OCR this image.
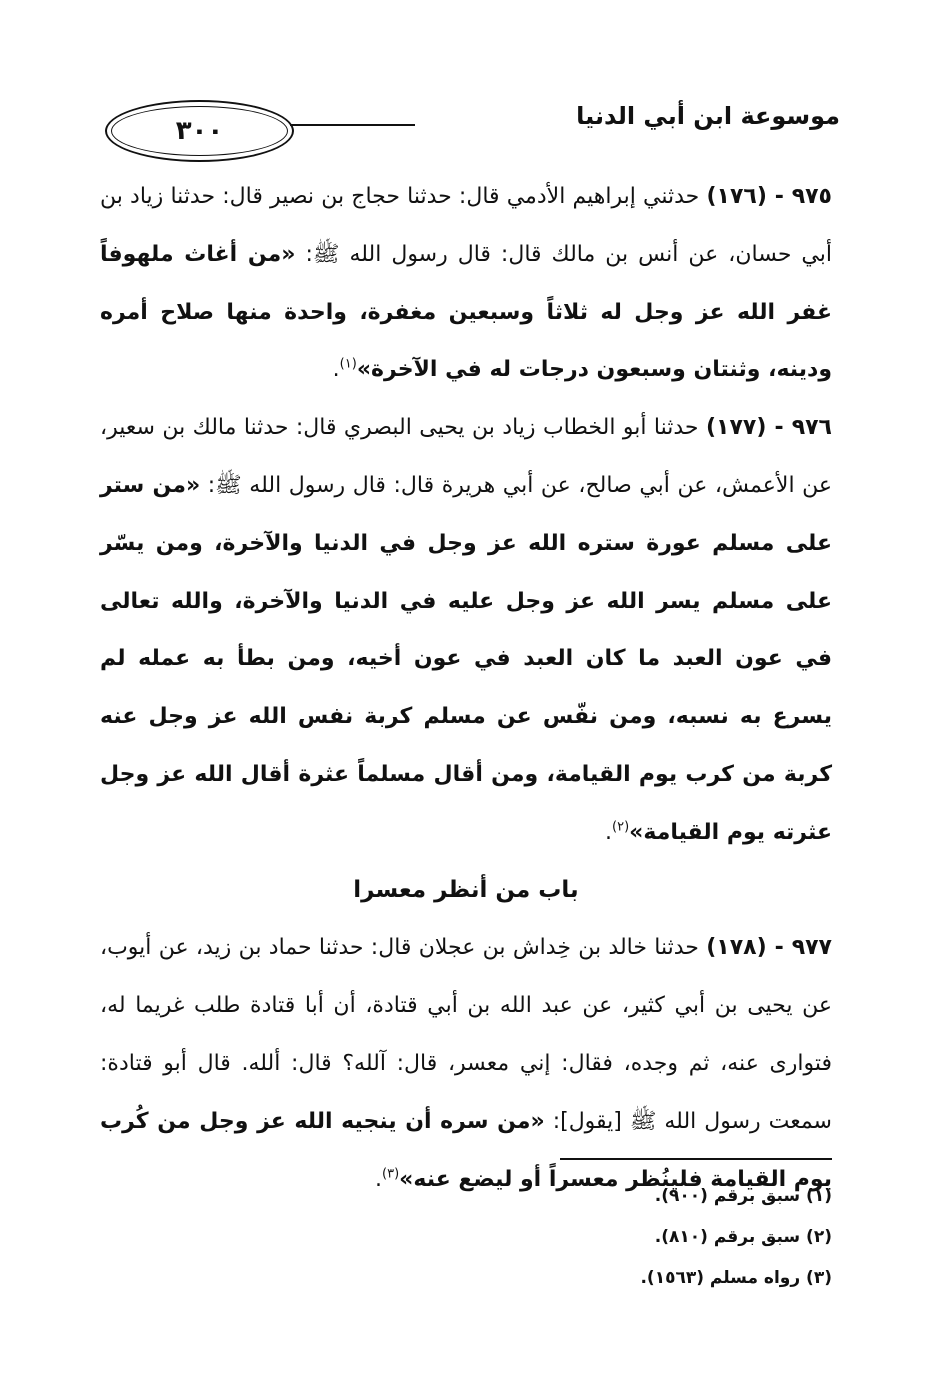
٣٠٠	موسوعة ابن أبي الدنيا

٩٧٥ - (١٧٦) حدثني إبراهيم الأدمي قال: حدثنا حجاج بن نصير قال: حدثنا زياد بن أبي حسان، عن أنس بن مالك قال: قال رسول الله ﷺ: «من أغاث ملهوفاً غفر الله عز وجل له ثلاثاً وسبعين مغفرة، واحدة منها صلاح أمره ودينه، وثنتان وسبعون درجات له في الآخرة»$^{(١)}$.

٩٧٦ - (١٧٧) حدثنا أبو الخطاب زياد بن يحيى البصري قال: حدثنا مالك بن سعير، عن الأعمش، عن أبي صالح، عن أبي هريرة قال: قال رسول الله ﷺ: «من ستر على مسلم عورة ستره الله عز وجل في الدنيا والآخرة، ومن يسّر على مسلم يسر الله عز وجل عليه في الدنيا والآخرة، والله تعالى في عون العبد ما كان العبد في عون أخيه، ومن بطأ به عمله لم يسرع به نسبه، ومن نفّس عن مسلم كربة نفس الله عز وجل عنه كربة من كرب يوم القيامة، ومن أقال مسلماً عثرة أقال الله عز وجل عثرته يوم القيامة»$^{(٢)}$.

باب من أنظر معسرا

٩٧٧ - (١٧٨) حدثنا خالد بن خِداش بن عجلان قال: حدثنا حماد بن زيد، عن أيوب، عن يحيى بن أبي كثير، عن عبد الله بن أبي قتادة، أن أبا قتادة طلب غريما له، فتوارى عنه، ثم وجده، فقال: إني معسر، قال: آلله؟ قال: ألله. قال أبو قتادة: سمعت رسول الله ﷺ [يقول]: «من سره أن ينجيه الله عز وجل من كُرب يوم القيامة فلينُظر معسراً أو ليضع عنه»$^{(٣)}$.

(١) سبق برقم (٩٠٠).
(٢) سبق برقم (٨١٠).
(٣) رواه مسلم (١٥٦٣).
